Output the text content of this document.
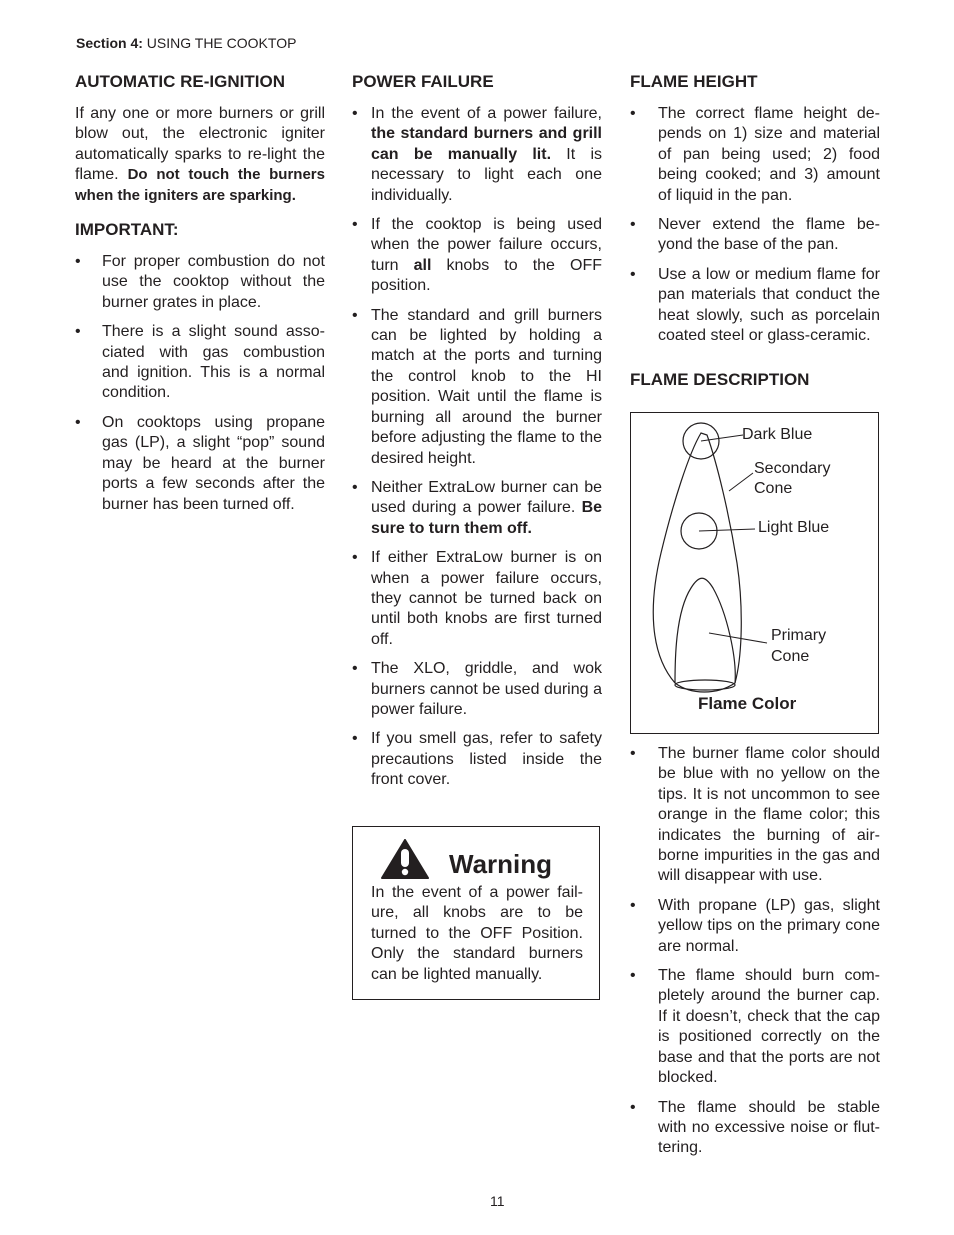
Section 4: USING THE COOKTOP
AUTOMATIC RE-IGNITION

If any one or more burners or grill blow out, the electronic igniter automatically sparks to re-light the flame. Do not touch the burners when the igniters are sparking.

IMPORTANT:
• For proper combustion do not use the cooktop without the burner grates in place.
• There is a slight sound asso-ciated with gas combustion and ignition. This is a normal condition.
• On cooktops using propane gas (LP), a slight “pop” sound may be heard at the burner ports a few seconds after the burner has been turned off.
POWER FAILURE
• In the event of a power failure, the standard burners and grill can be manually lit. It is necessary to light each one individually.
• If the cooktop is being used when the power failure occurs, turn all knobs to the OFF position.
• The standard and grill burners can be lighted by holding a match at the ports and turning the control knob to the HI position. Wait until the flame is burning all around the burner before adjusting the flame to the desired height.
• Neither ExtraLow burner can be used during a power failure. Be sure to turn them off.
• If either ExtraLow burner is on when a power failure occurs, they cannot be turned back on until both knobs are first turned off.
• The XLO, griddle, and wok burners cannot be used during a power failure.
• If you smell gas, refer to safety precautions listed inside the front cover.
Warning
In the event of a power fail-ure, all knobs are to be turned to the OFF Position. Only the standard burners can be lighted manually.
FLAME HEIGHT
• The correct flame height de-pends on 1) size and material of pan being used; 2) food being cooked; and 3) amount of liquid in the pan.
• Never extend the flame be-yond the base of the pan.
• Use a low or medium flame for pan materials that conduct the heat slowly, such as porcelain coated steel or glass-ceramic.
FLAME DESCRIPTION
Dark Blue
Secondary
Cone
Light Blue
Primary
Cone
Flame Color
• The burner flame color should be blue with no yellow on the tips. It is not uncommon to see orange in the flame color; this indicates the burning of air-borne impurities in the gas and will disappear with use.
• With propane (LP) gas, slight yellow tips on the primary cone are normal.
• The flame should burn com-pletely around the burner cap. If it doesn’t, check that the cap is positioned correctly on the base and that the ports are not blocked.
• The flame should be stable with no excessive noise or flut-tering.
11
